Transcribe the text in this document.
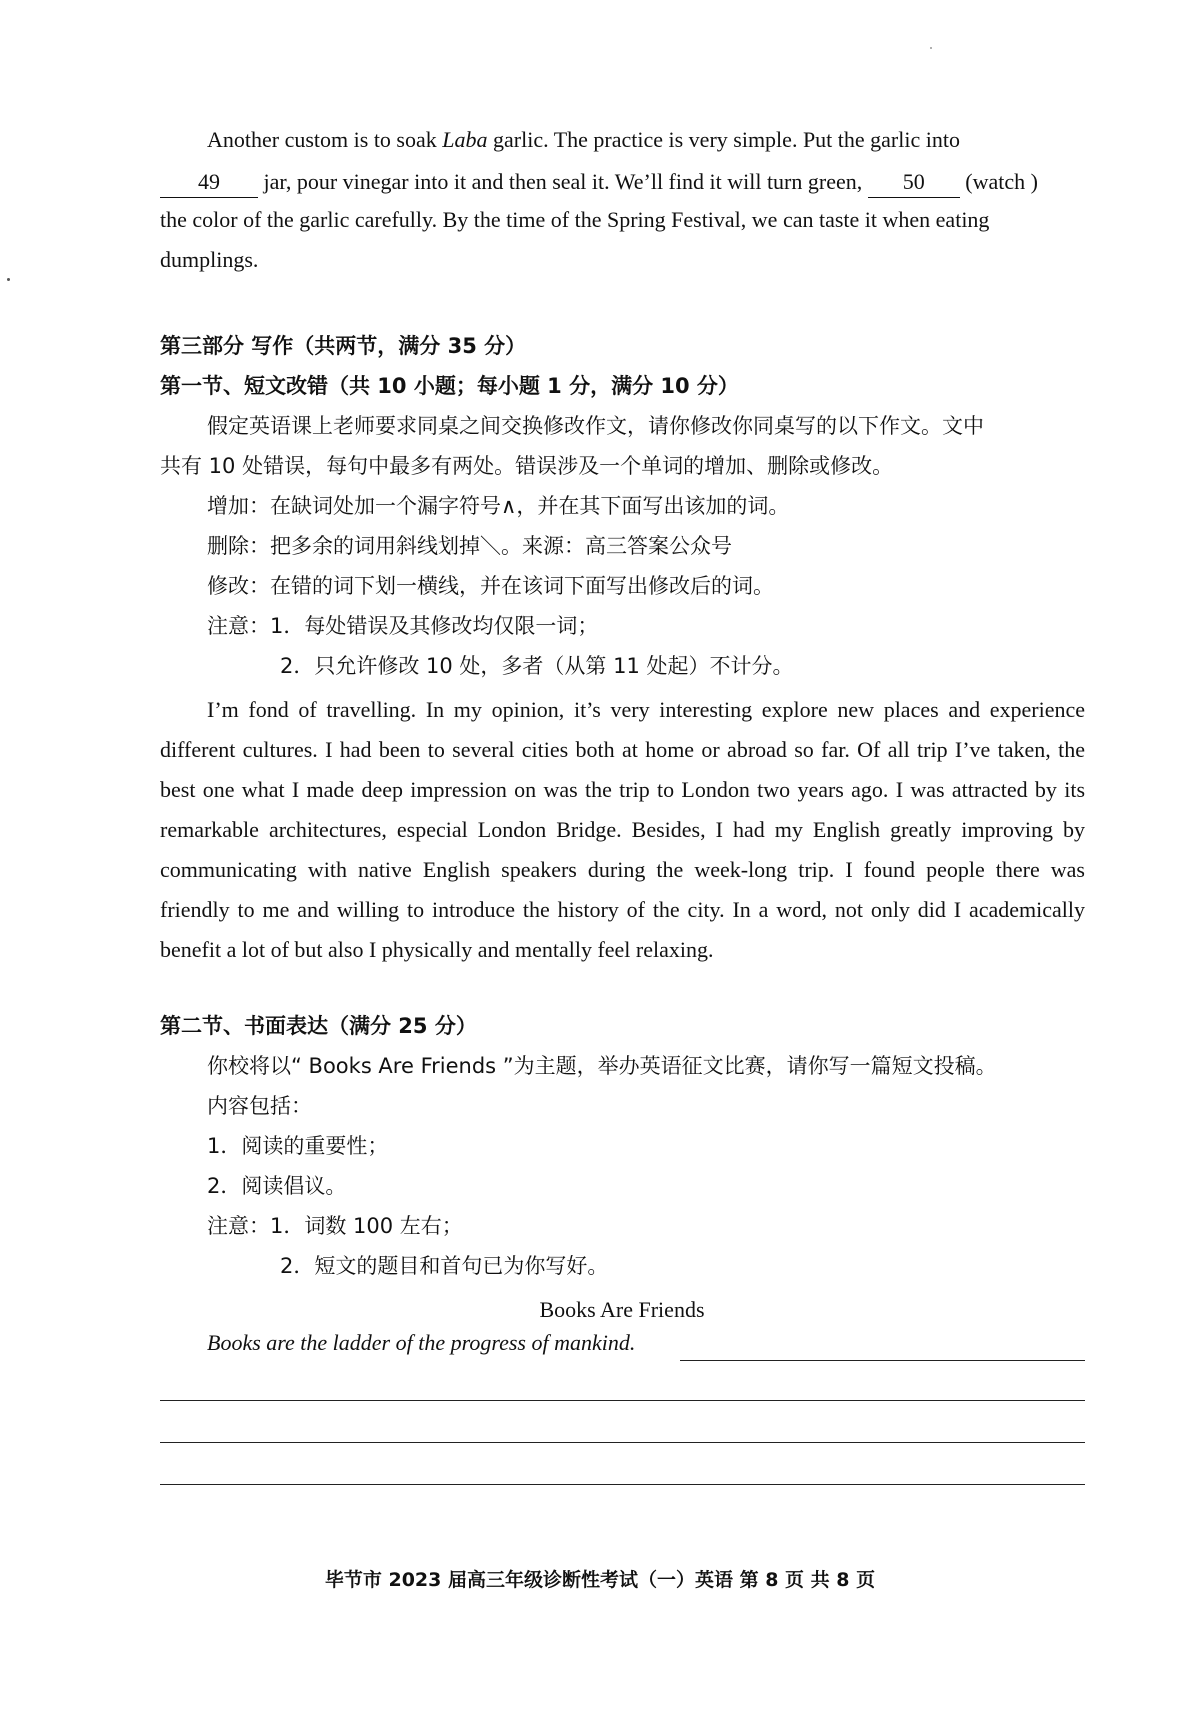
Another custom is to soak Laba garlic. The practice is very simple. Put the garlic into
49 jar, pour vinegar into it and then seal it. We’ll find it will turn green, 50 (watch )
the color of the garlic carefully. By the time of the Spring Festival, we can taste it when eating
dumplings.
第三部分 写作（共两节，满分 35 分）
第一节、短文改错（共 10 小题；每小题 1 分，满分 10 分）
假定英语课上老师要求同桌之间交换修改作文，请你修改你同桌写的以下作文。文中
共有 10 处错误，每句中最多有两处。错误涉及一个单词的增加、删除或修改。
增加：在缺词处加一个漏字符号∧，并在其下面写出该加的词。
删除：把多余的词用斜线划掉＼。来源：高三答案公众号
修改：在错的词下划一横线，并在该词下面写出修改后的词。
注意：1．每处错误及其修改均仅限一词；
2．只允许修改 10 处，多者（从第 11 处起）不计分。
I’m fond of travelling. In my opinion, it’s very interesting explore new places and experience different cultures. I had been to several cities both at home or abroad so far. Of all trip I’ve taken, the best one what I made deep impression on was the trip to London two years ago. I was attracted by its remarkable architectures, especial London Bridge. Besides, I had my English greatly improving by communicating with native English speakers during the week-long trip. I found people there was friendly to me and willing to introduce the history of the city. In a word, not only did I academically benefit a lot of but also I physically and mentally feel relaxing.
第二节、书面表达（满分 25 分）
你校将以“ Books Are Friends ”为主题，举办英语征文比赛，请你写一篇短文投稿。
内容包括：
1．阅读的重要性；
2．阅读倡议。
注意：1．词数 100 左右；
2．短文的题目和首句已为你写好。
Books Are Friends
Books are the ladder of the progress of mankind.
毕节市 2023 届高三年级诊断性考试（一）英语 第 8 页 共 8 页
